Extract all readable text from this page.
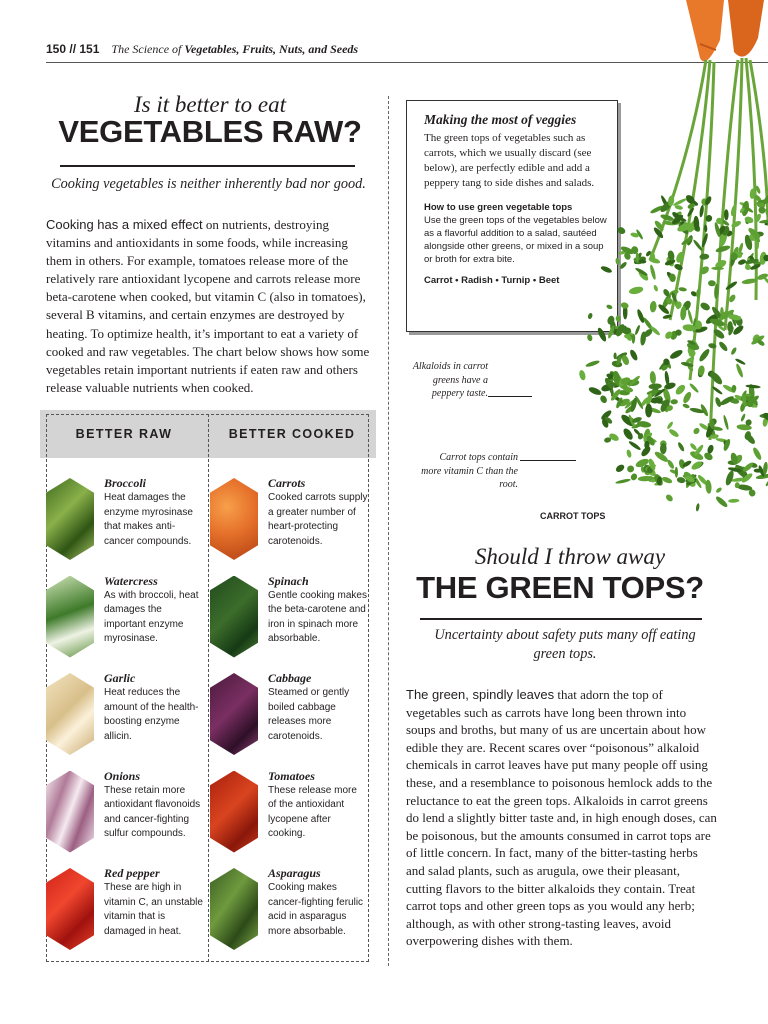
150 // 151 The Science of Vegetables, Fruits, Nuts, and Seeds
Is it better to eat
VEGETABLES RAW?
Cooking vegetables is neither inherently bad nor good.
Cooking has a mixed effect on nutrients, destroying vitamins and antioxidants in some foods, while increasing them in others. For example, tomatoes release more of the relatively rare antioxidant lycopene and carrots release more beta-carotene when cooked, but vitamin C (also in tomatoes), several B vitamins, and certain enzymes are destroyed by heating. To optimize health, it’s important to eat a variety of cooked and raw vegetables. The chart below shows how some vegetables retain important nutrients if eaten raw and others release valuable nutrients when cooked.
BETTER RAW	BETTER COOKED
Broccoli
Heat damages the enzyme myrosinase that makes anti-cancer compounds.
Watercress
As with broccoli, heat damages the important enzyme myrosinase.
Garlic
Heat reduces the amount of the health-boosting enzyme allicin.
Onions
These retain more antioxidant flavonoids and cancer-fighting sulfur compounds.
Red pepper
These are high in vitamin C, an unstable vitamin that is damaged in heat.
Carrots
Cooked carrots supply a greater number of heart-protecting carotenoids.
Spinach
Gentle cooking makes the beta-carotene and iron in spinach more absorbable.
Cabbage
Steamed or gently boiled cabbage releases more carotenoids.
Tomatoes
These release more of the antioxidant lycopene after cooking.
Asparagus
Cooking makes cancer-fighting ferulic acid in asparagus more absorbable.
Making the most of veggies
The green tops of vegetables such as carrots, which we usually discard (see below), are perfectly edible and add a peppery tang to side dishes and salads.
How to use green vegetable tops
Use the green tops of the vegetables below as a flavorful addition to a salad, sautéed alongside other greens, or mixed in a soup or broth for extra bite.
Carrot • Radish • Turnip • Beet
Alkaloids in carrot greens have a peppery taste.
Carrot tops contain more vitamin C than the root.
CARROT TOPS
Should I throw away
THE GREEN TOPS?
Uncertainty about safety puts many off eating green tops.
The green, spindly leaves that adorn the top of vegetables such as carrots have long been thrown into soups and broths, but many of us are uncertain about how edible they are. Recent scares over “poisonous” alkaloid chemicals in carrot leaves have put many people off using these, and a resemblance to poisonous hemlock adds to the reluctance to eat the green tops. Alkaloids in carrot greens do lend a slightly bitter taste and, in high enough doses, can be poisonous, but the amounts consumed in carrot tops are of little concern. In fact, many of the bitter-tasting herbs and salad plants, such as arugula, owe their pleasant, cutting flavors to the bitter alkaloids they contain. Treat carrot tops and other green tops as you would any herb; although, as with other strong-tasting leaves, avoid overpowering dishes with them.
